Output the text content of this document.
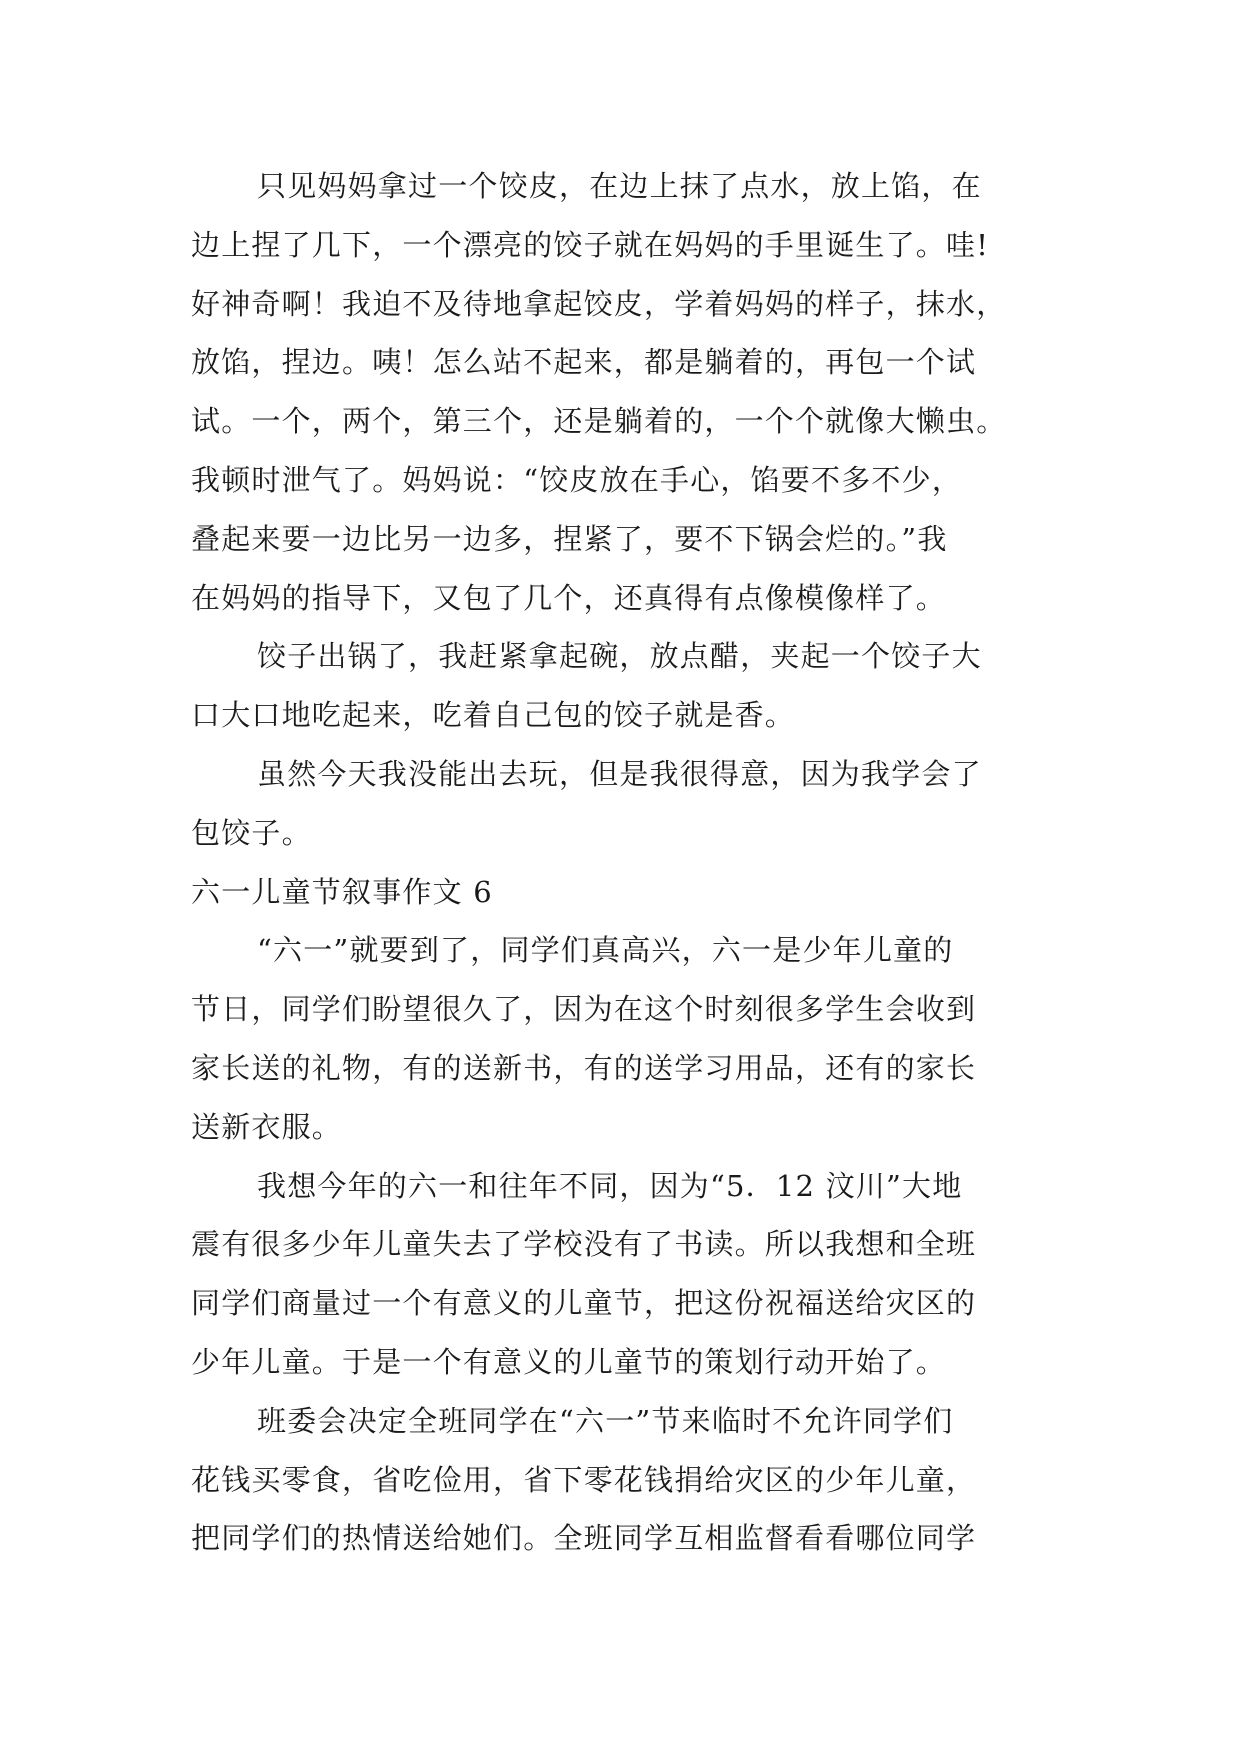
只见妈妈拿过一个饺皮，在边上抹了点水，放上馅，在
边上捏了几下，一个漂亮的饺子就在妈妈的手里诞生了。哇!
好神奇啊！我迫不及待地拿起饺皮，学着妈妈的样子，抹水，
放馅，捏边。咦！怎么站不起来，都是躺着的，再包一个试
试。一个，两个，第三个，还是躺着的，一个个就像大懒虫。
我顿时泄气了。妈妈说：“饺皮放在手心，馅要不多不少，
叠起来要一边比另一边多，捏紧了，要不下锅会烂的。”我
在妈妈的指导下，又包了几个，还真得有点像模像样了。
饺子出锅了，我赶紧拿起碗，放点醋，夹起一个饺子大
口大口地吃起来，吃着自己包的饺子就是香。
虽然今天我没能出去玩，但是我很得意，因为我学会了
包饺子。
六一儿童节叙事作文 6
“六一”就要到了，同学们真高兴，六一是少年儿童的
节日，同学们盼望很久了，因为在这个时刻很多学生会收到
家长送的礼物，有的送新书，有的送学习用品，还有的家长
送新衣服。
我想今年的六一和往年不同，因为“5．12 汶川”大地
震有很多少年儿童失去了学校没有了书读。所以我想和全班
同学们商量过一个有意义的儿童节，把这份祝福送给灾区的
少年儿童。于是一个有意义的儿童节的策划行动开始了。
班委会决定全班同学在“六一”节来临时不允许同学们
花钱买零食，省吃俭用，省下零花钱捐给灾区的少年儿童，
把同学们的热情送给她们。全班同学互相监督看看哪位同学
